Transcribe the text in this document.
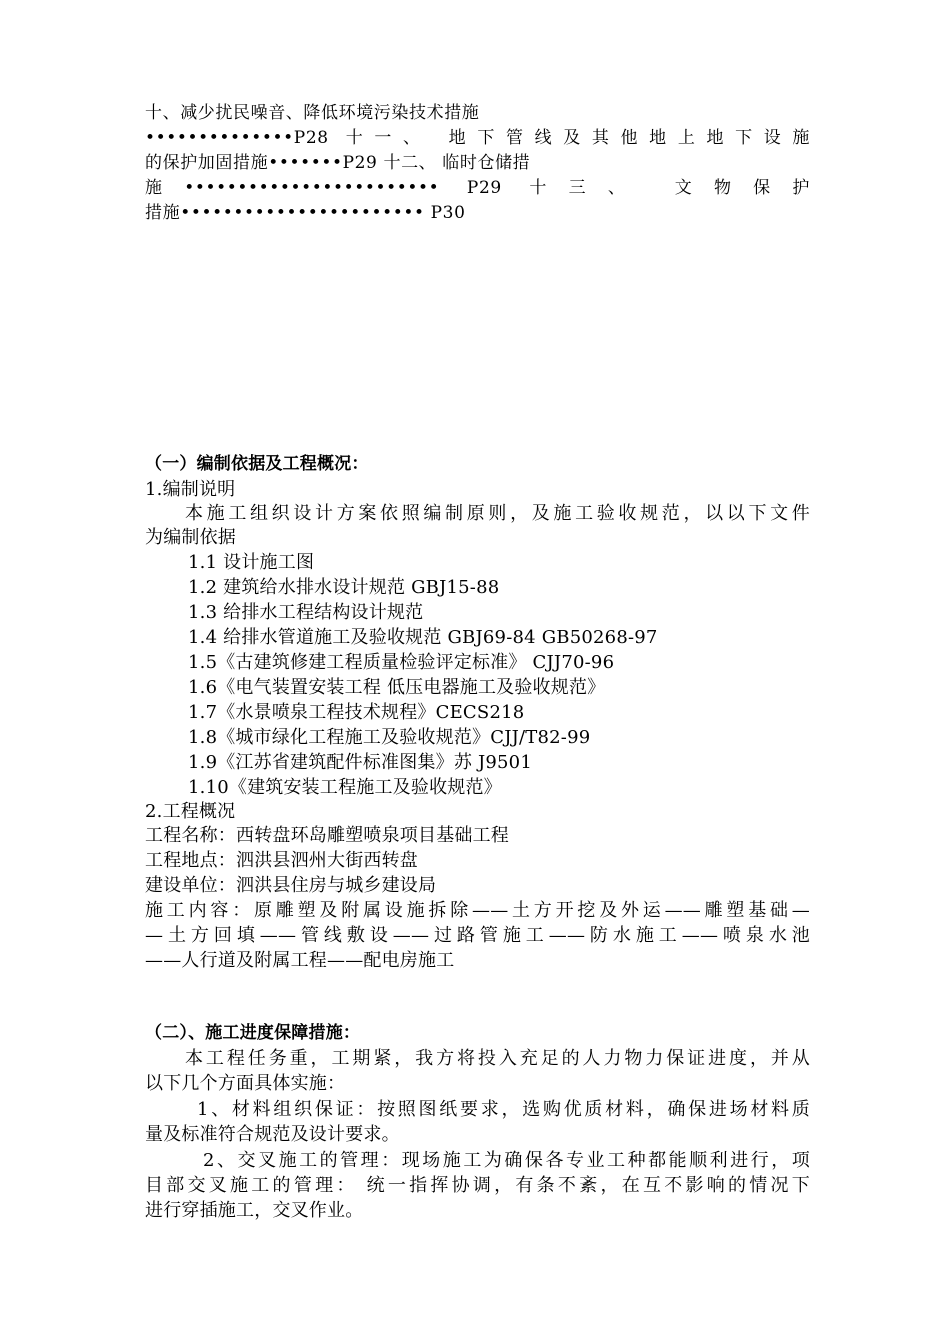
十、减少扰民噪音、降低环境污染技术措施
••••••••••••••P28 十一、 地下管线及其他地上地下设施
的保护加固措施•••••••P29 十二、 临时仓储措
施•••••••••••••••••••••••• P29 十三、 文物保护
措施••••••••••••••••••••••• P30
（一）编制依据及工程概况：
1.编制说明
本施工组织设计方案依照编制原则，及施工验收规范，以以下文件
为编制依据
1.1 设计施工图
1.2 建筑给水排水设计规范 GBJ15-88
1.3 给排水工程结构设计规范
1.4 给排水管道施工及验收规范 GBJ69-84 GB50268-97
1.5《古建筑修建工程质量检验评定标准》 CJJ70-96
1.6《电气装置安装工程 低压电器施工及验收规范》
1.7《水景喷泉工程技术规程》CECS218
1.8《城市绿化工程施工及验收规范》CJJ/T82-99
1.9《江苏省建筑配件标准图集》苏 J9501
1.10《建筑安装工程施工及验收规范》
2.工程概况
工程名称：西转盘环岛雕塑喷泉项目基础工程
工程地点：泗洪县泗州大街西转盘
建设单位：泗洪县住房与城乡建设局
施工内容：原雕塑及附属设施拆除——土方开挖及外运——雕塑基础—
—土方回填——管线敷设——过路管施工——防水施工——喷泉水池
——人行道及附属工程——配电房施工
（二）、施工进度保障措施：
本工程任务重，工期紧，我方将投入充足的人力物力保证进度，并从
以下几个方面具体实施：
1、材料组织保证：按照图纸要求，选购优质材料，确保进场材料质
量及标准符合规范及设计要求。
2、交叉施工的管理：现场施工为确保各专业工种都能顺利进行，项
目部交叉施工的管理： 统一指挥协调，有条不紊，在互不影响的情况下
进行穿插施工，交叉作业。
